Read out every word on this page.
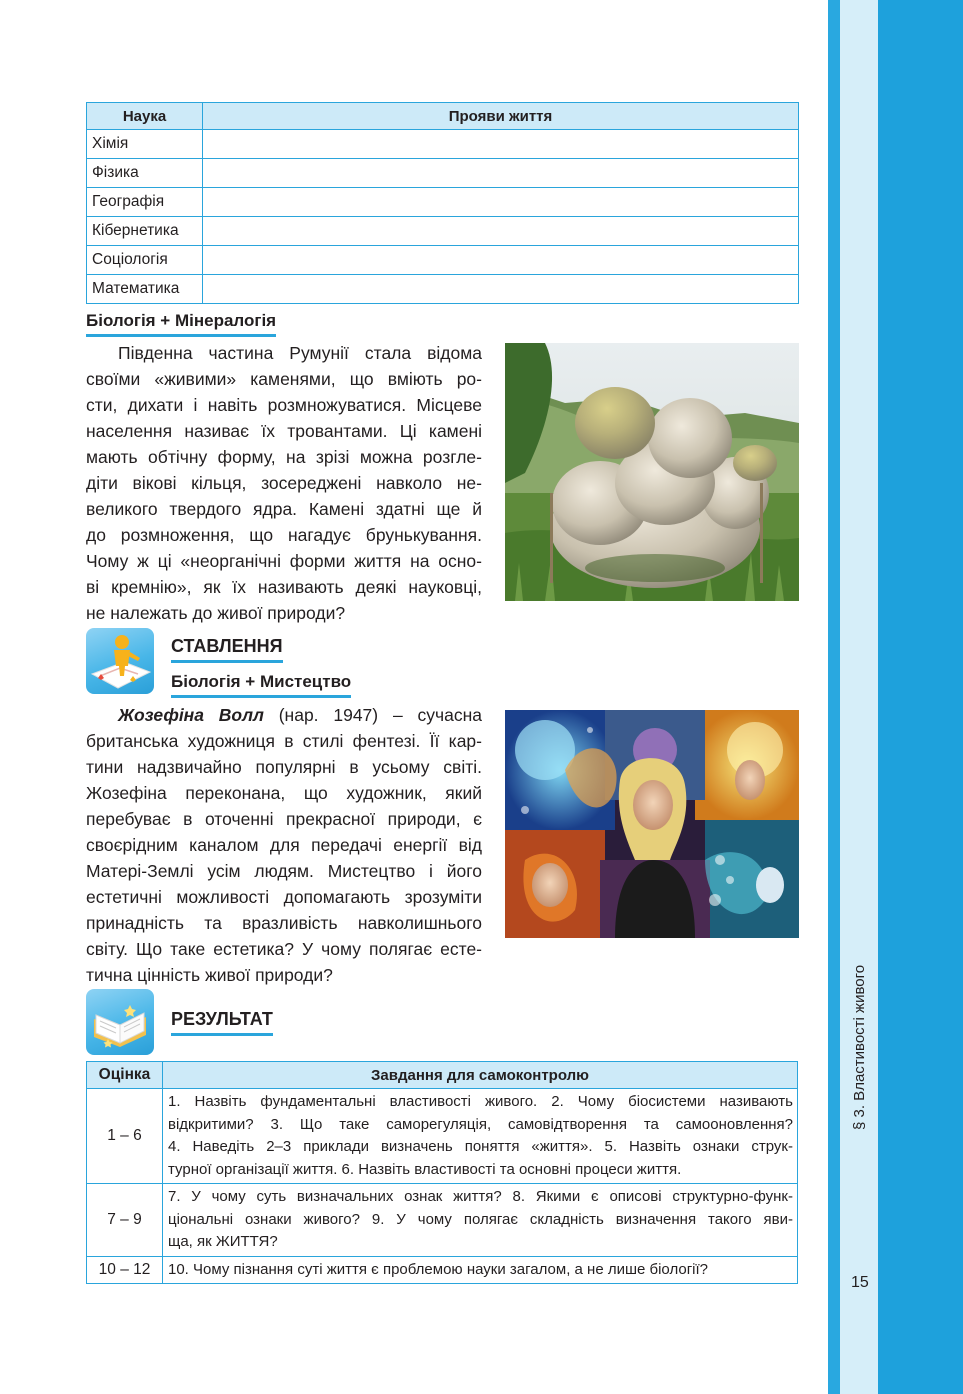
§ 3. Властивості живого
15
Наука	Прояви життя
Хімія	
Фізика	
Географія	
Кібернетика	
Соціологія	
Математика	
Біологія + Мінералогія
Південна частина Румунії стала відома
своїми «живими» каменями, що вміють ро-
сти, дихати і навіть розмножуватися. Місцеве
населення називає їх тровантами. Ці камені
мають обтічну форму, на зрізі можна розгле-
діти вікові кільця, зосереджені навколо не-
великого твердого ядра. Камені здатні ще й
до розмноження, що нагадує брунькування.
Чому ж ці «неорганічні форми життя на осно-
ві кремнію», як їх називають деякі науковці,
не належать до живої природи?
СТАВЛЕННЯ
Біологія + Мистецтво
Жозефіна Волл (нар. 1947) – сучасна
британська художниця в стилі фентезі. Її кар-
тини надзвичайно популярні в усьому світі.
Жозефіна переконана, що художник, який
перебуває в оточенні прекрасної природи, є
своєрідним каналом для передачі енергії від
Матері-Землі усім людям. Мистецтво і його
естетичні можливості допомагають зрозуміти
принадність та вразливість навколишнього
світу. Що таке естетика? У чому полягає есте-
тична цінність живої природи?
РЕЗУЛЬТАТ
Оцінка	Завдання для самоконтролю
1 – 6	1. Назвіть фундаментальні властивості живого. 2. Чому біосистеми називають
відкритими? 3. Що таке саморегуляція, самовідтворення та самооновлення?
4. Наведіть 2–3 приклади визначень поняття «життя». 5. Назвіть ознаки струк-
турної організації життя. 6. Назвіть властивості та основні процеси життя.

7 – 9	7. У чому суть визначальних ознак життя? 8. Якими є описові структурно-функ-
ціональні ознаки живого? 9. У чому полягає складність визначення такого яви-
ща, як ЖИТТЯ?

10 – 12	10. Чому пізнання суті життя є проблемою науки загалом, а не лише біології?
